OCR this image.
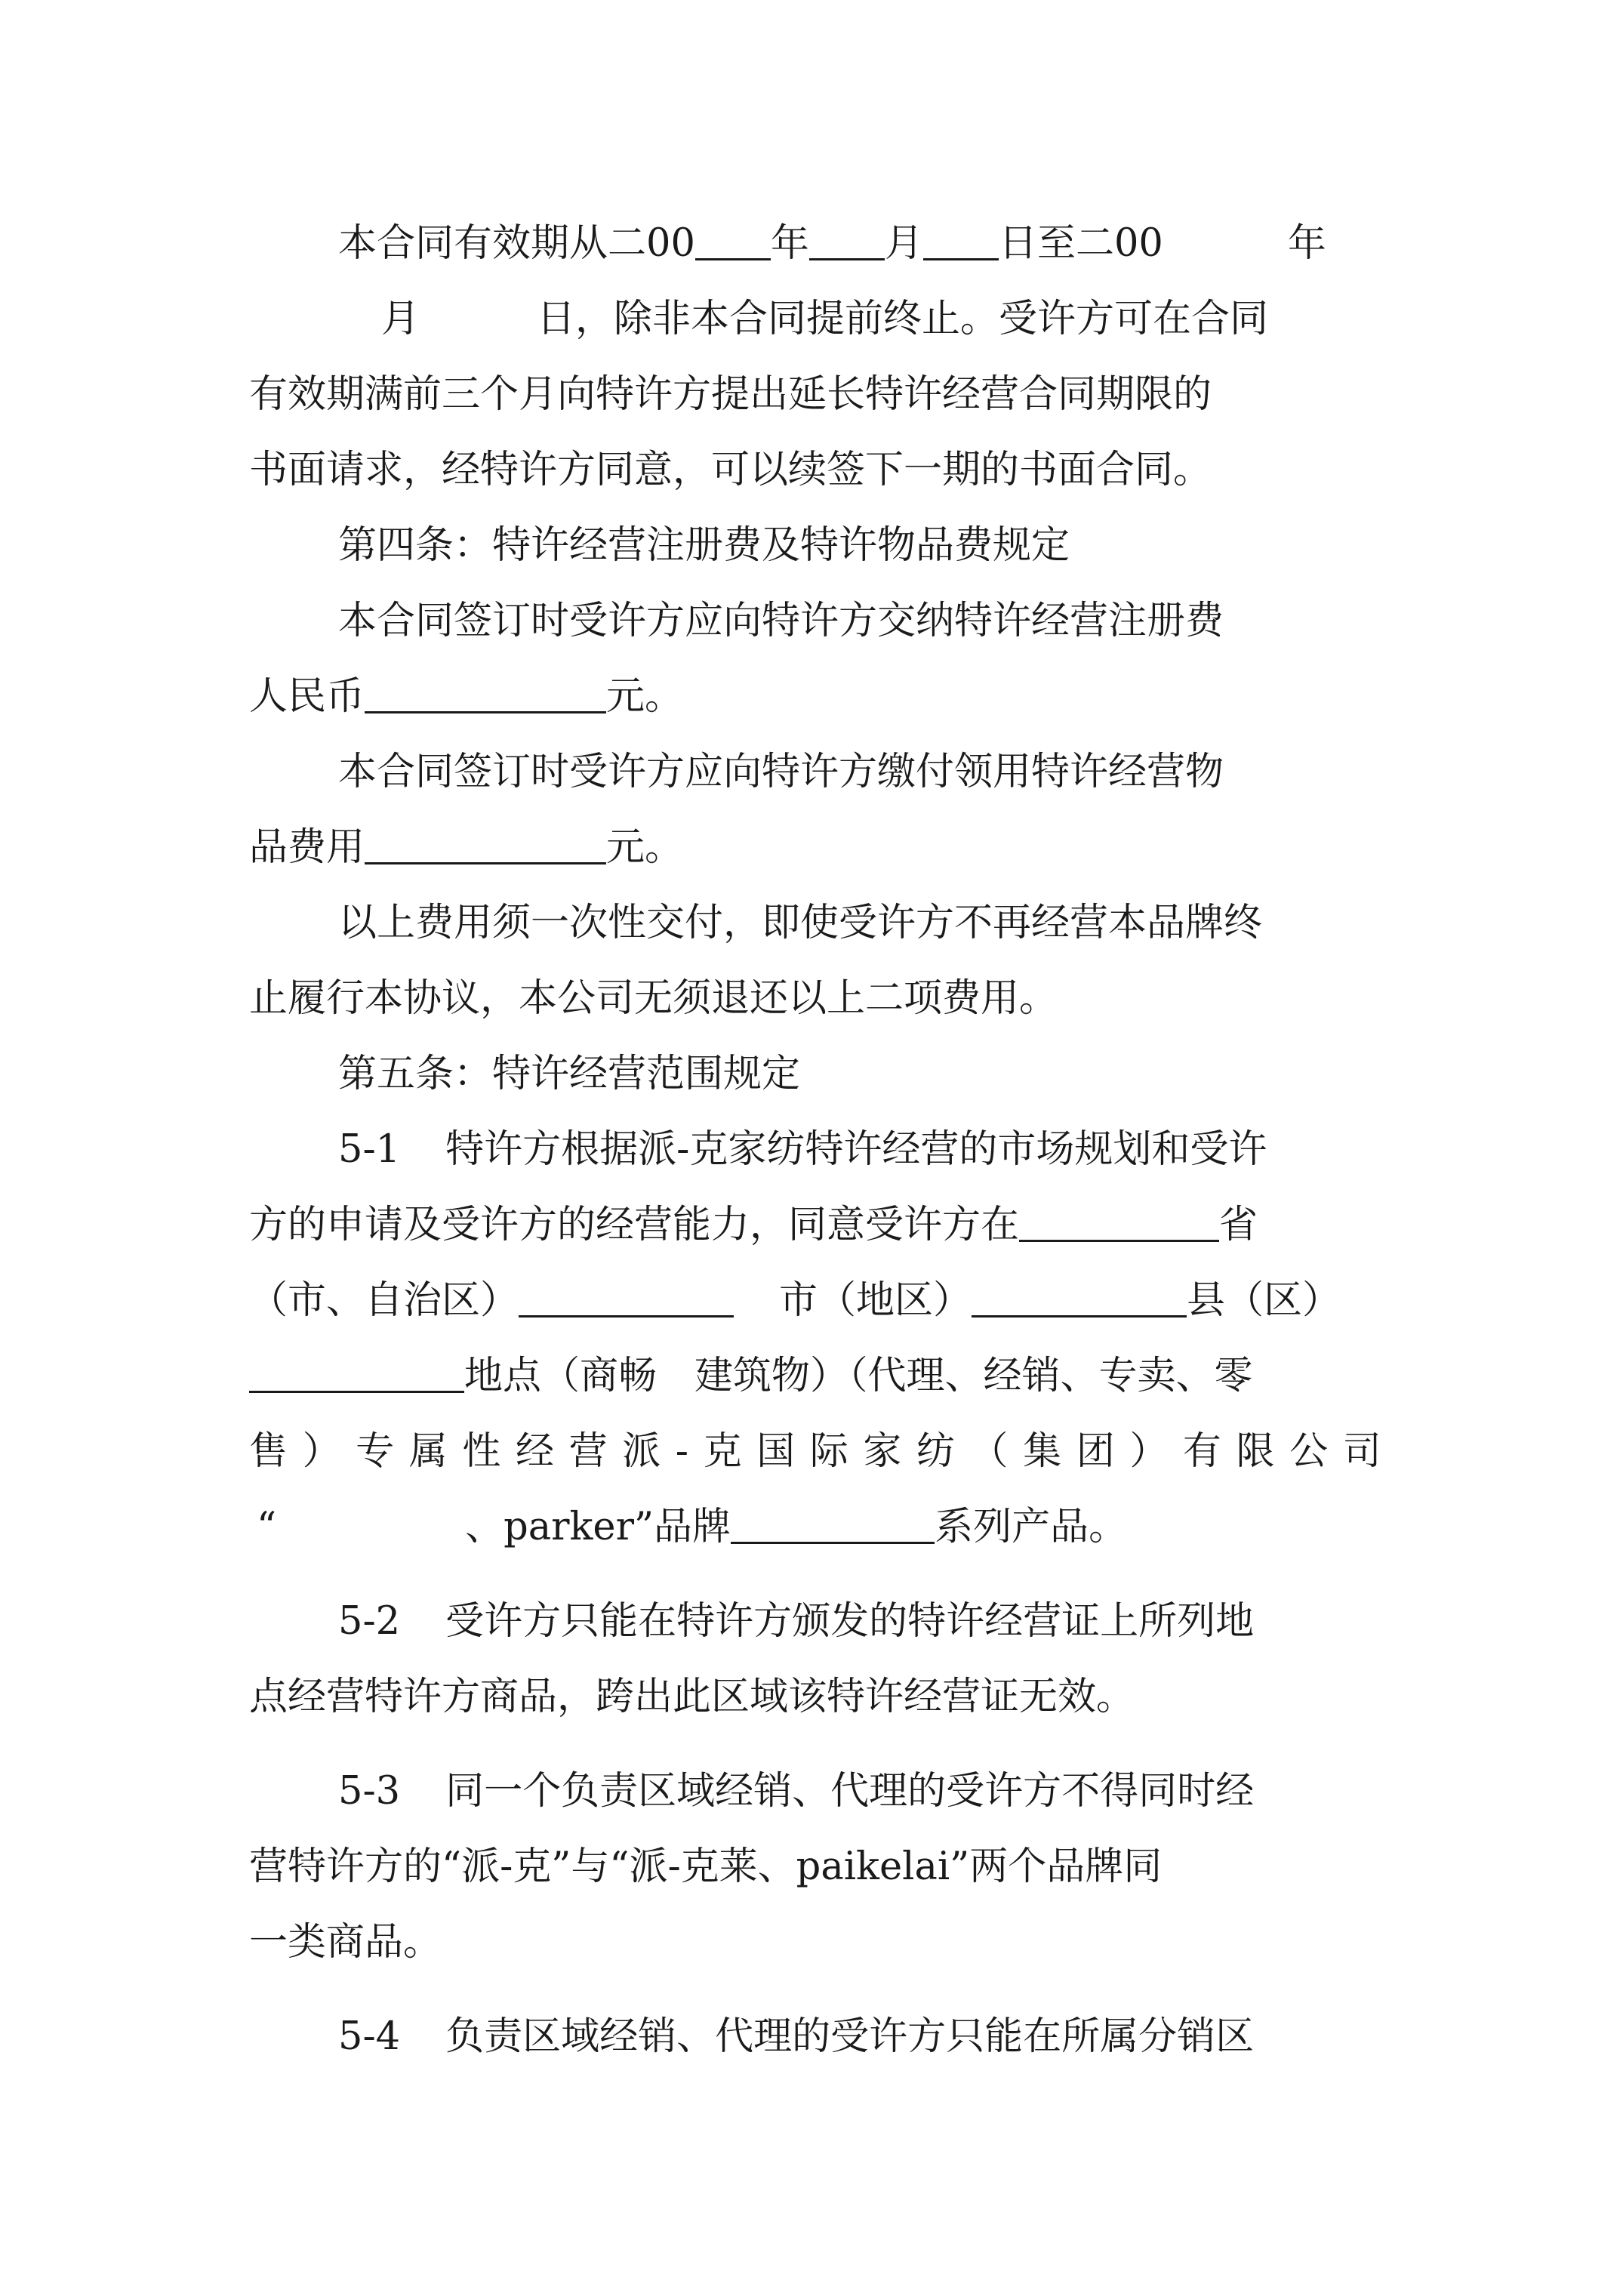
本合同有效期从二00 年 月 日至二00	年
月	日，除非本合同提前终止。受许方可在合同
有效期满前三个月向特许方提出延长特许经营合同期限的
书面请求，经特许方同意，可以续签下一期的书面合同。
第四条：特许经营注册费及特许物品费规定
本合同签订时受许方应向特许方交纳特许经营注册费
人民币	元。
本合同签订时受许方应向特许方缴付领用特许经营物
品费用	元。
以上费用须一次性交付，即使受许方不再经营本品牌终
止履行本协议，本公司无须退还以上二项费用。
第五条：特许经营范围规定
5-1 特许方根据派-克家纺特许经营的市场规划和受许
方的申请及受许方的经营能力，同意受许方在	省
（市、自治区）	市（地区）	县（区）
地点（商畅 建筑物）（代理、经销、专卖、零
售 ） 专 属 性 经 营 派 - 克 国 际 家 纺 （ 集 团 ） 有 限 公 司
“	、parker”品牌	系列产品。
5-2 受许方只能在特许方颁发的特许经营证上所列地
点经营特许方商品，跨出此区域该特许经营证无效。
5-3 同一个负责区域经销、代理的受许方不得同时经
营特许方的“派-克”与“派-克莱、paikelai”两个品牌同
一类商品。
5-4 负责区域经销、代理的受许方只能在所属分销区
